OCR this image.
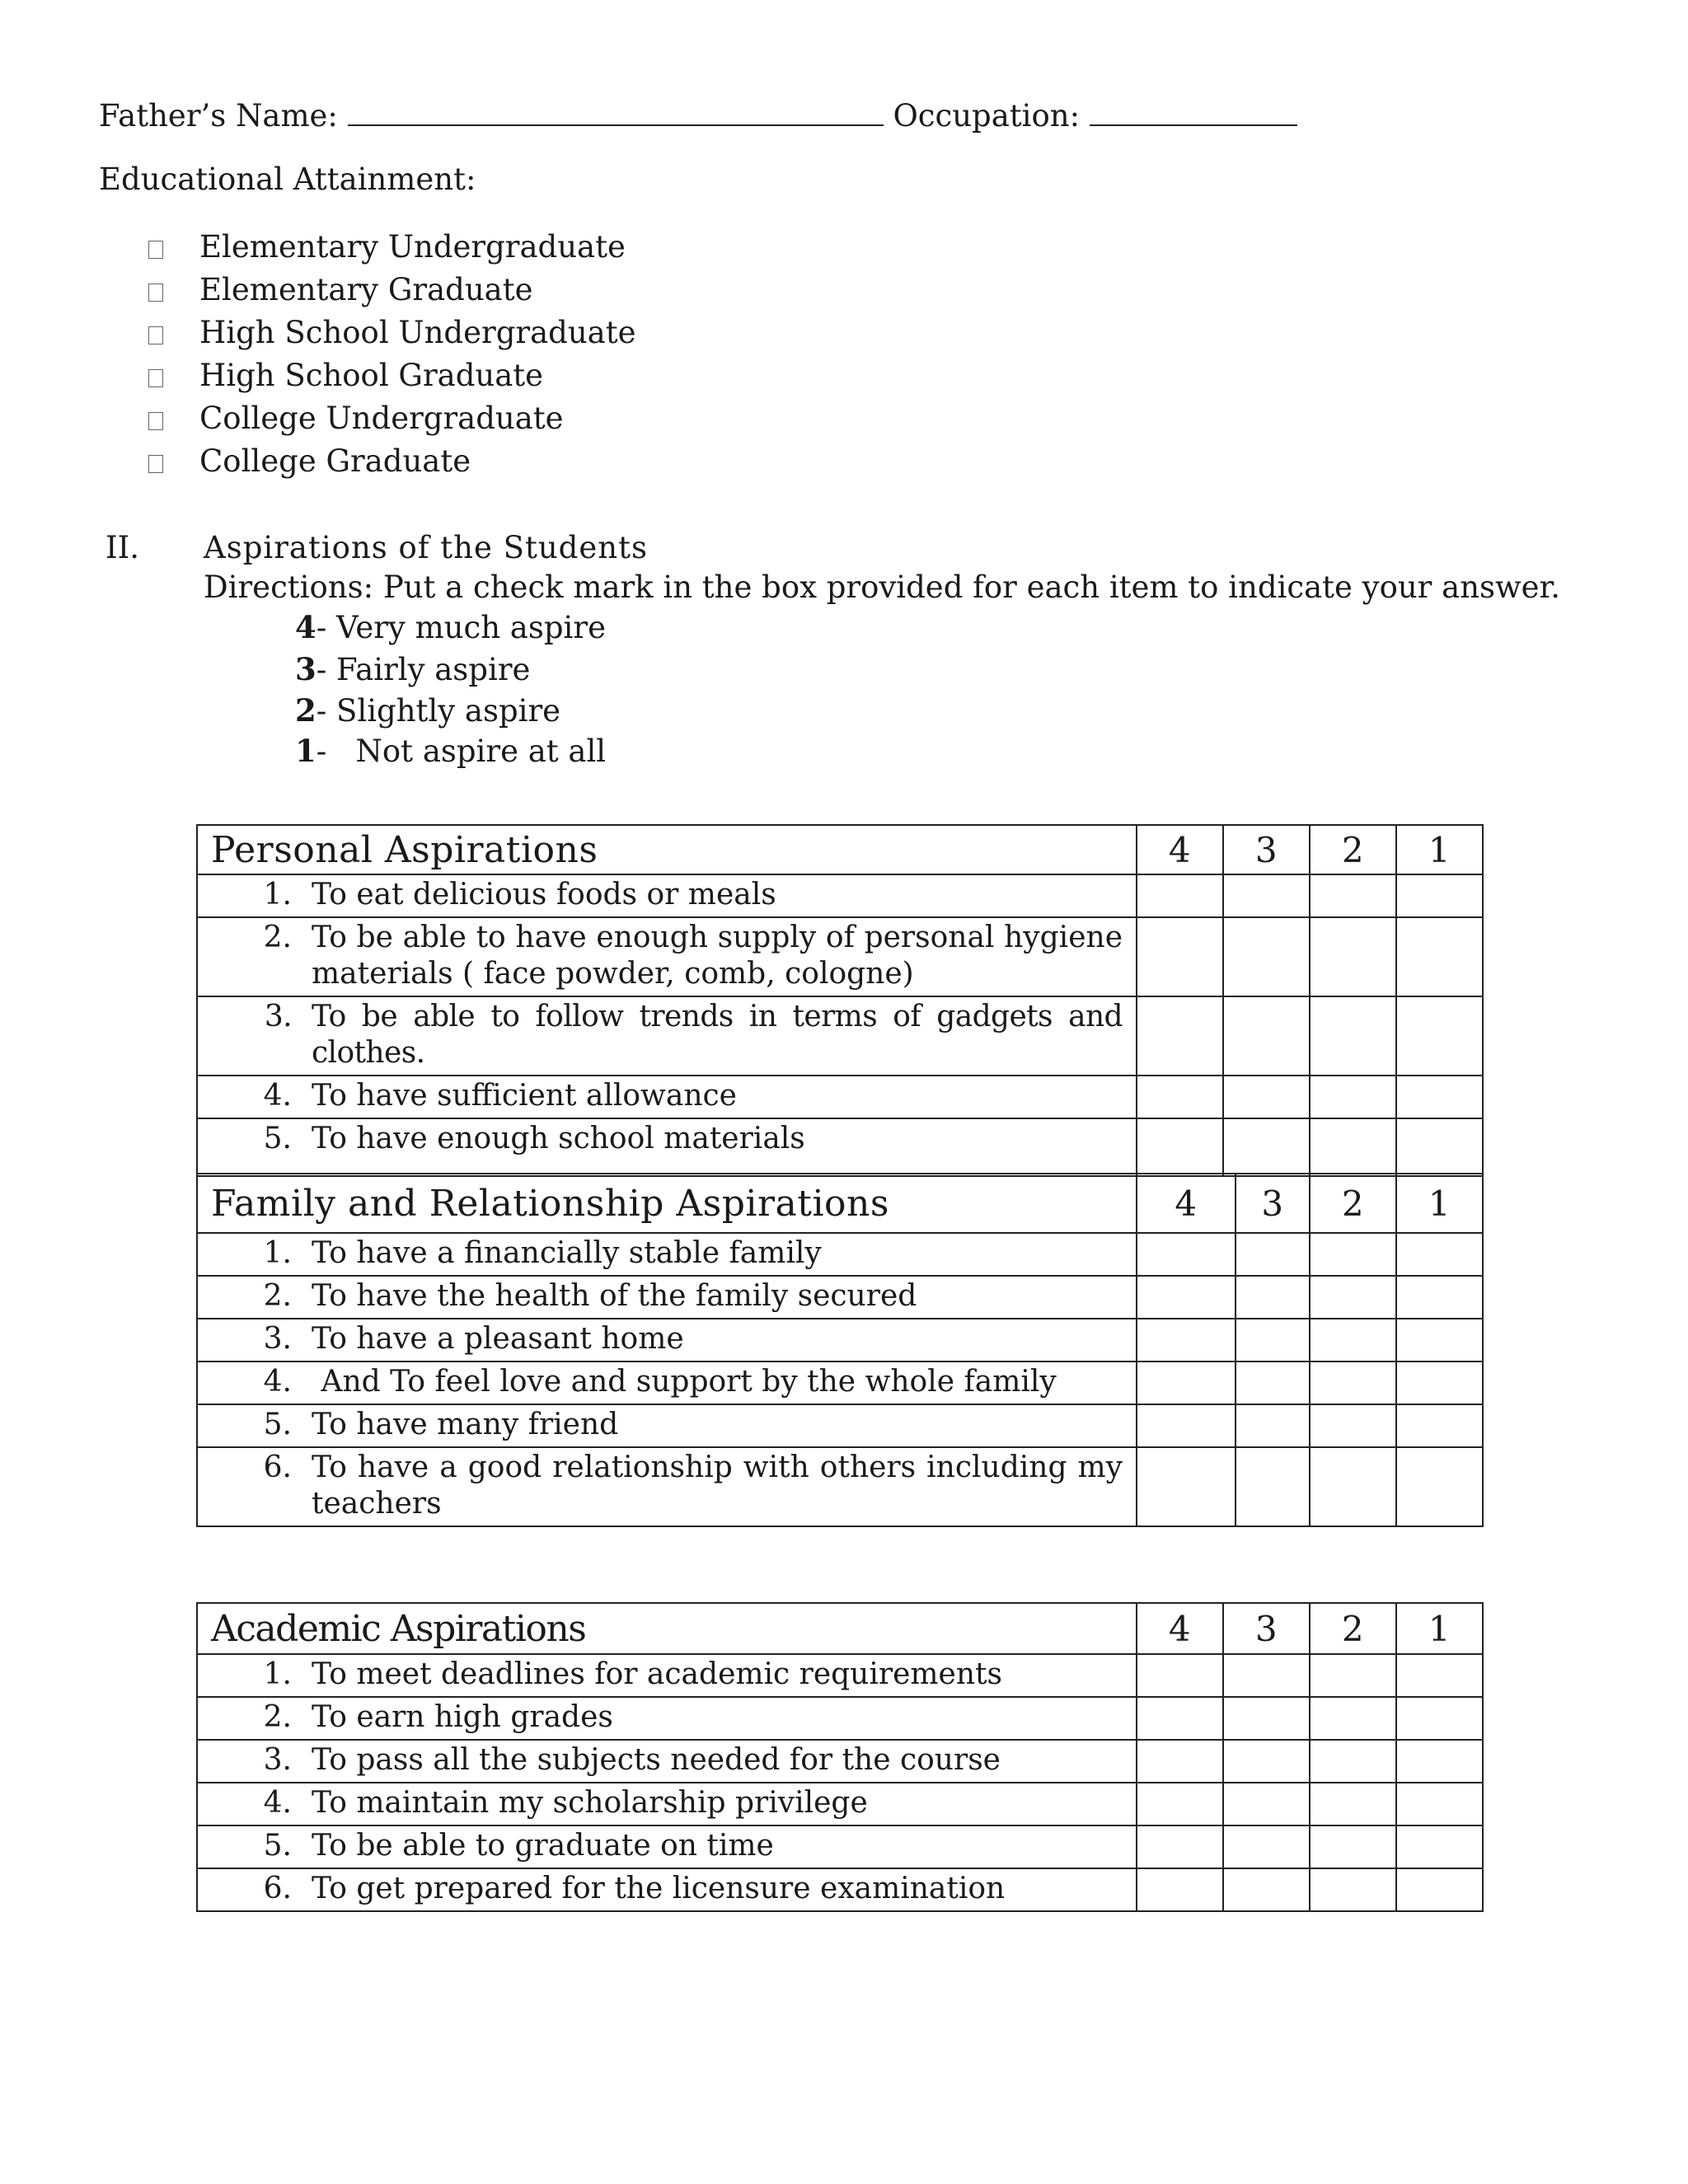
Father’s Name:	Occupation:
Educational Attainment:
Elementary Undergraduate
Elementary Graduate
High School Undergraduate
High School Graduate
College Undergraduate
College Graduate
II. Aspirations of the Students
Directions: Put a check mark in the box provided for each item to indicate your answer.
4- Very much aspire
3- Fairly aspire
2- Slightly aspire
1-   Not aspire at all
Personal Aspirations	4	3	2	1

1. To eat delicious foods or meals				

2. To be able to have enough supply of personal hygiene materials ( face powder, comb, cologne)				

3. To be able to follow trends in terms of gadgets and clothes.				

4. To have sufficient allowance				

5. To have enough school materials				

Family and Relationship Aspirations	4	3	2	1

1. To have a financially stable family				

2. To have the health of the family secured				

3. To have a pleasant home				

4. And To feel love and support by the whole family				

5. To have many friend				

6. To have a good relationship with others including my teachers				

Academic Aspirations	4	3	2	1

1. To meet deadlines for academic requirements				

2. To earn high grades				

3. To pass all the subjects needed for the course				

4. To maintain my scholarship privilege				

5. To be able to graduate on time				

6. To get prepared for the licensure examination				
